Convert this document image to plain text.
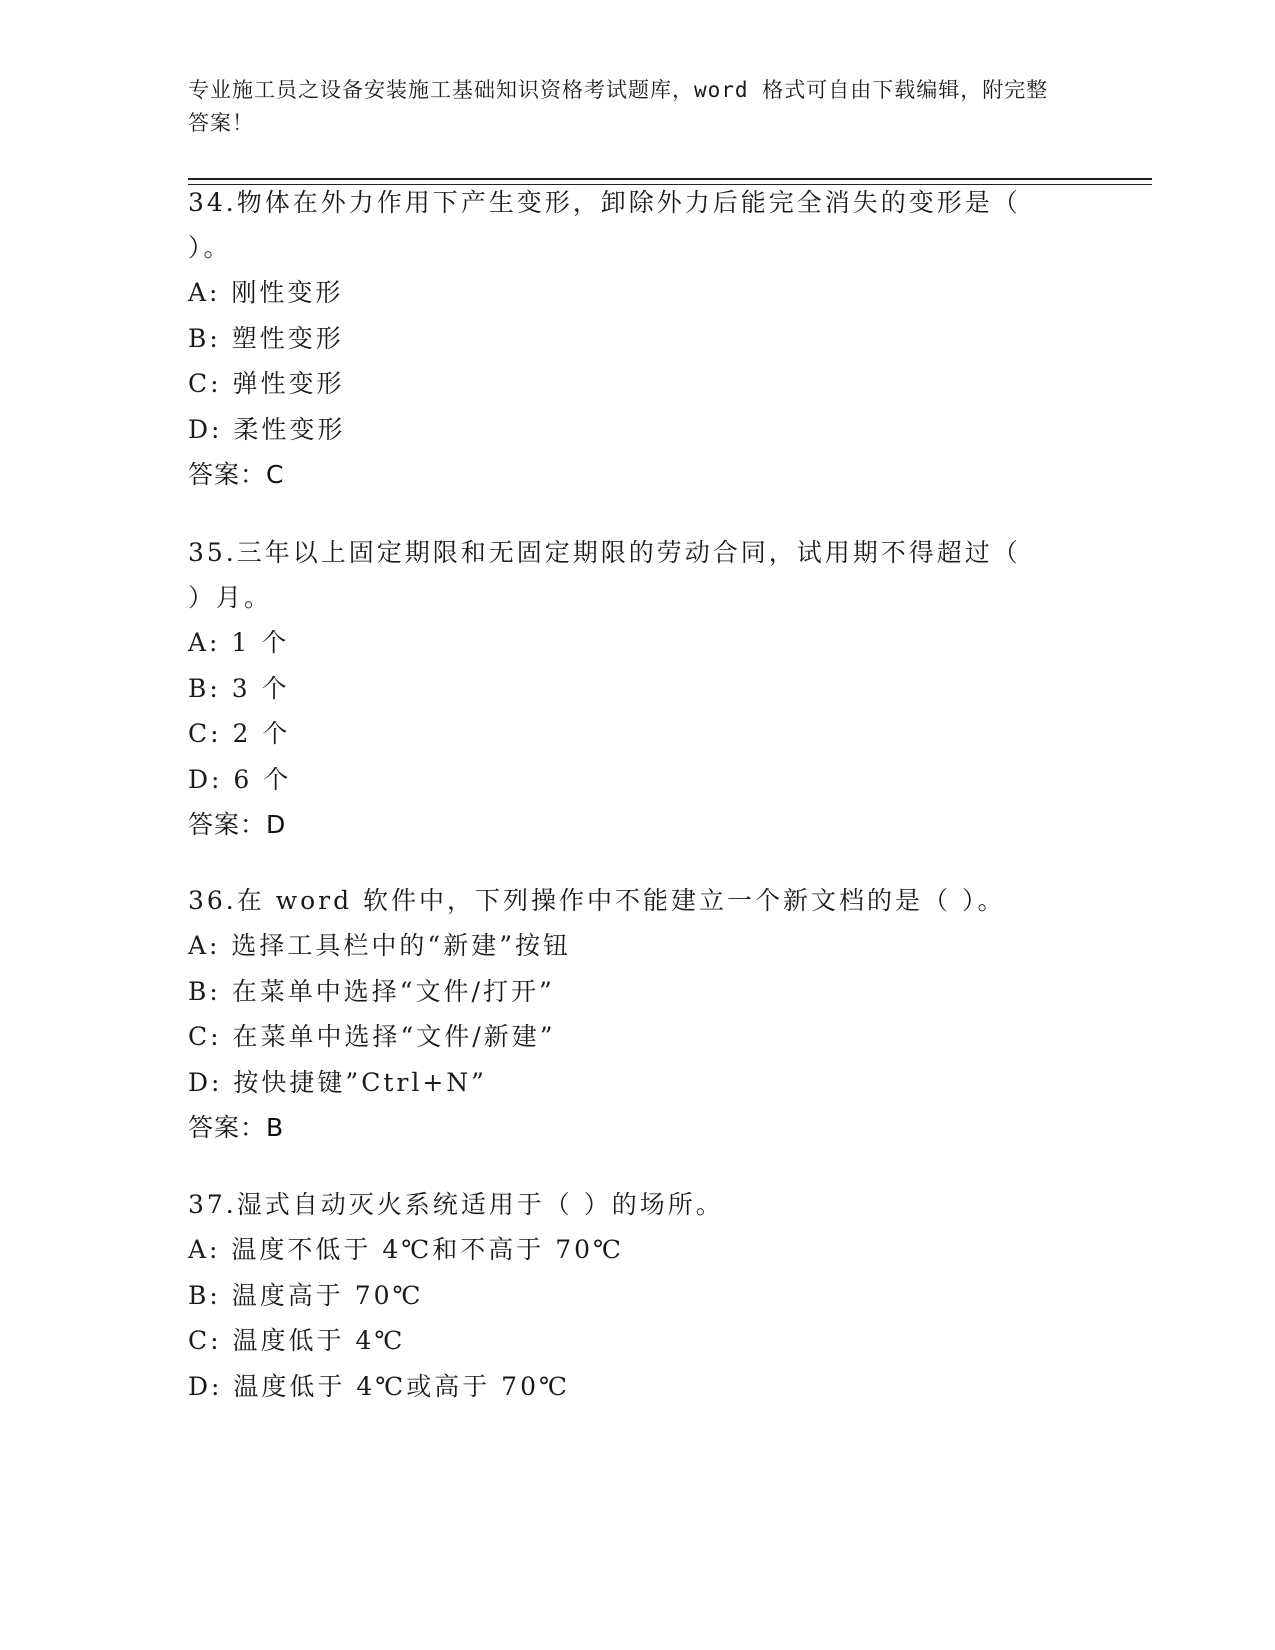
专业施工员之设备安装施工基础知识资格考试题库，word 格式可自由下载编辑，附完整答案！
34.物体在外力作用下产生变形，卸除外力后能完全消失的变形是（ ）。
A: 刚性变形
B: 塑性变形
C: 弹性变形
D: 柔性变形
答案：C
35.三年以上固定期限和无固定期限的劳动合同，试用期不得超过（ ）月。
A: 1 个
B: 3 个
C: 2 个
D: 6 个
答案：D
36.在 word 软件中，下列操作中不能建立一个新文档的是（ ）。
A: 选择工具栏中的“新建”按钮
B: 在菜单中选择“文件/打开”
C: 在菜单中选择“文件/新建”
D: 按快捷键”Ctrl+N”
答案：B
37.湿式自动灭火系统适用于（ ）的场所。
A: 温度不低于 4℃和不高于 70℃
B: 温度高于 70℃
C: 温度低于 4℃
D: 温度低于 4℃或高于 70℃
